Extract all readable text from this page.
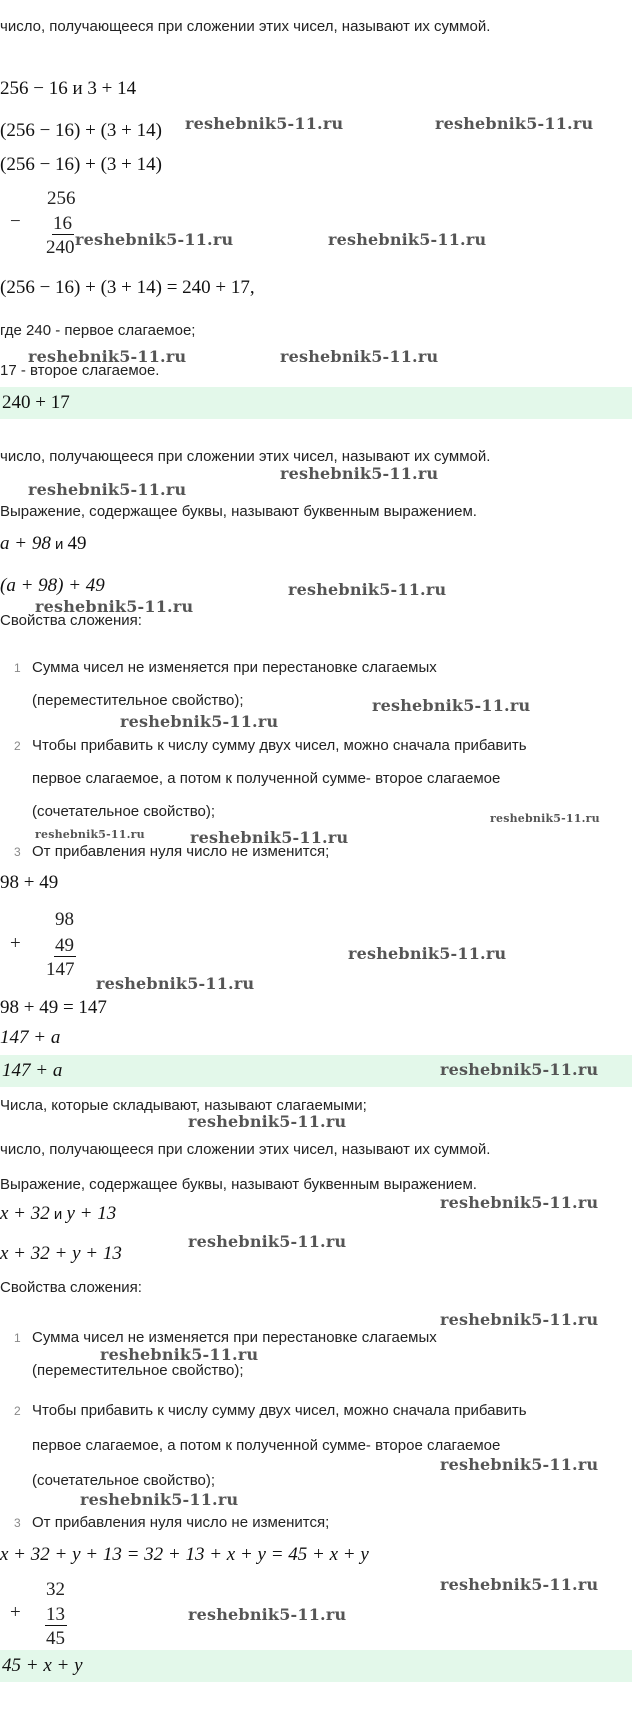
число, получающееся при сложении этих чисел, называют их суммой.
256 − 16 и 3 + 14
(256 − 16) + (3 + 14)
(256 − 16) + (3 + 14)
256
− 16
240
(256 − 16) + (3 + 14) = 240 + 17,
где 240 - первое слагаемое;
17 - второе слагаемое.
240 + 17
число, получающееся при сложении этих чисел, называют их суммой.
Выражение, содержащее буквы, называют буквенным выражением.
a + 98 и 49
(a + 98) + 49
Свойства сложения:
1 Сумма чисел не изменяется при перестановке слагаемых
(переместительное свойство);
2 Чтобы прибавить к числу сумму двух чисел, можно сначала прибавить
первое слагаемое, а потом к полученной сумме- второе слагаемое
(сочетательное свойство);
3 От прибавления нуля число не изменится;
98 + 49
98
+ 49
147
98 + 49 = 147
147 + a
147 + a
Числа, которые складывают, называют слагаемыми;
число, получающееся при сложении этих чисел, называют их суммой.
Выражение, содержащее буквы, называют буквенным выражением.
x + 32 и y + 13
x + 32 + y + 13
Свойства сложения:
1 Сумма чисел не изменяется при перестановке слагаемых
(переместительное свойство);
2 Чтобы прибавить к числу сумму двух чисел, можно сначала прибавить
первое слагаемое, а потом к полученной сумме- второе слагаемое
(сочетательное свойство);
3 От прибавления нуля число не изменится;
x + 32 + y + 13 = 32 + 13 + x + y = 45 + x + y
32
+ 13
45
45 + x + y
reshebnik5-11.ru	reshebnik5-11.ru
reshebnik5-11.ru	reshebnik5-11.ru
reshebnik5-11.ru	reshebnik5-11.ru
reshebnik5-11.ru
reshebnik5-11.ru
reshebnik5-11.ru
reshebnik5-11.ru
reshebnik5-11.ru
reshebnik5-11.ru
reshebnik5-11.ru
reshebnik5-11.ru	reshebnik5-11.ru
reshebnik5-11.ru
reshebnik5-11.ru
reshebnik5-11.ru
reshebnik5-11.ru
reshebnik5-11.ru
reshebnik5-11.ru
reshebnik5-11.ru
reshebnik5-11.ru
reshebnik5-11.ru
reshebnik5-11.ru
reshebnik5-11.ru
reshebnik5-11.ru
